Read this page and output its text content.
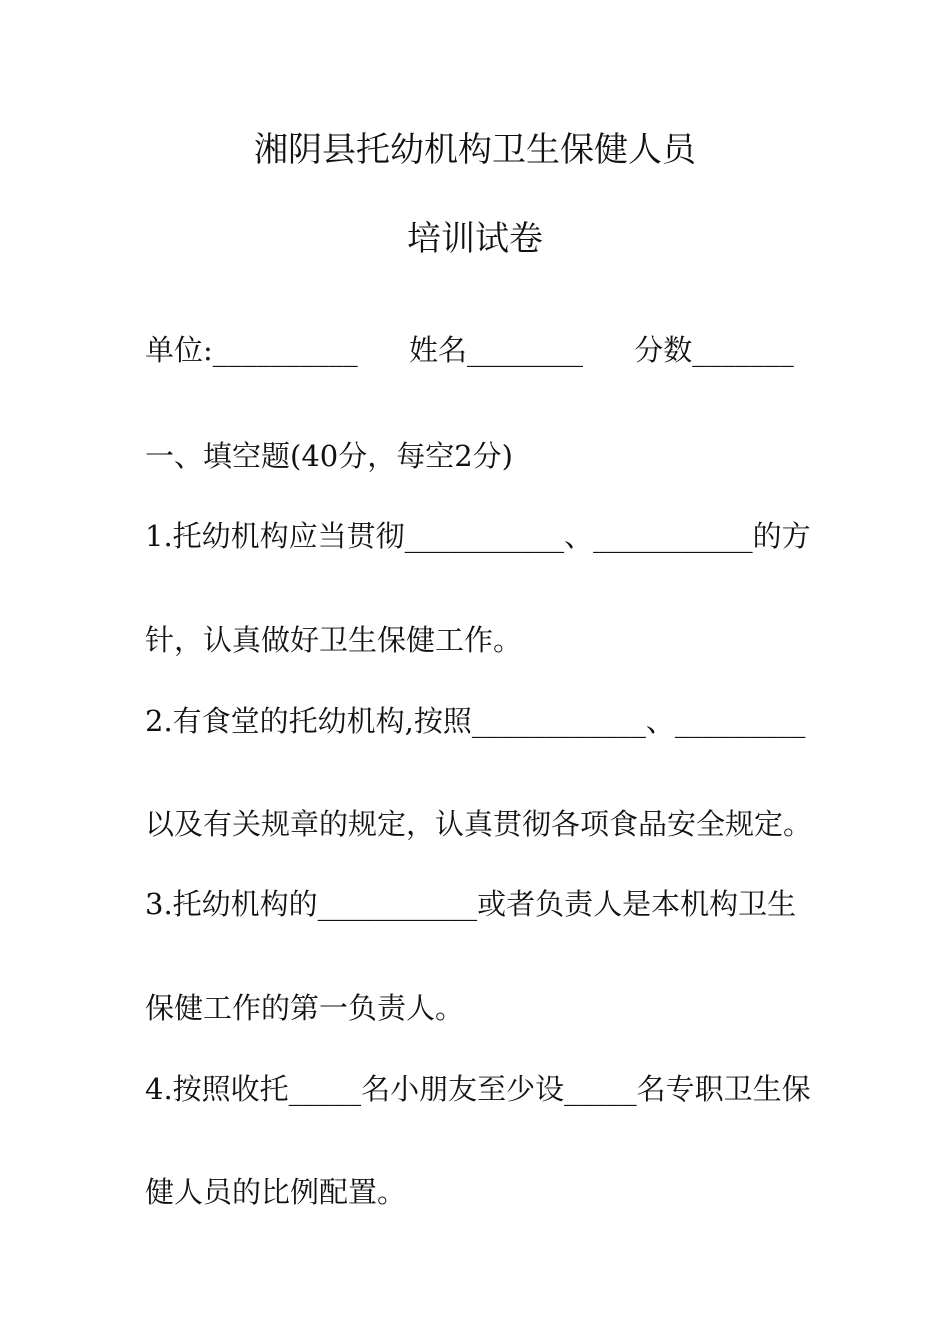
湘阴县托幼机构卫生保健人员
培训试卷
单位:__________ 姓名________ 分数_______
一、填空题(40分，每空2分)
1.托幼机构应当贯彻___________、___________的方
针，认真做好卫生保健工作。
2.有食堂的托幼机构,按照____________、_________
以及有关规章的规定，认真贯彻各项食品安全规定。
3.托幼机构的___________或者负责人是本机构卫生
保健工作的第一负责人。
4.按照收托_____名小朋友至少设_____名专职卫生保
健人员的比例配置。
